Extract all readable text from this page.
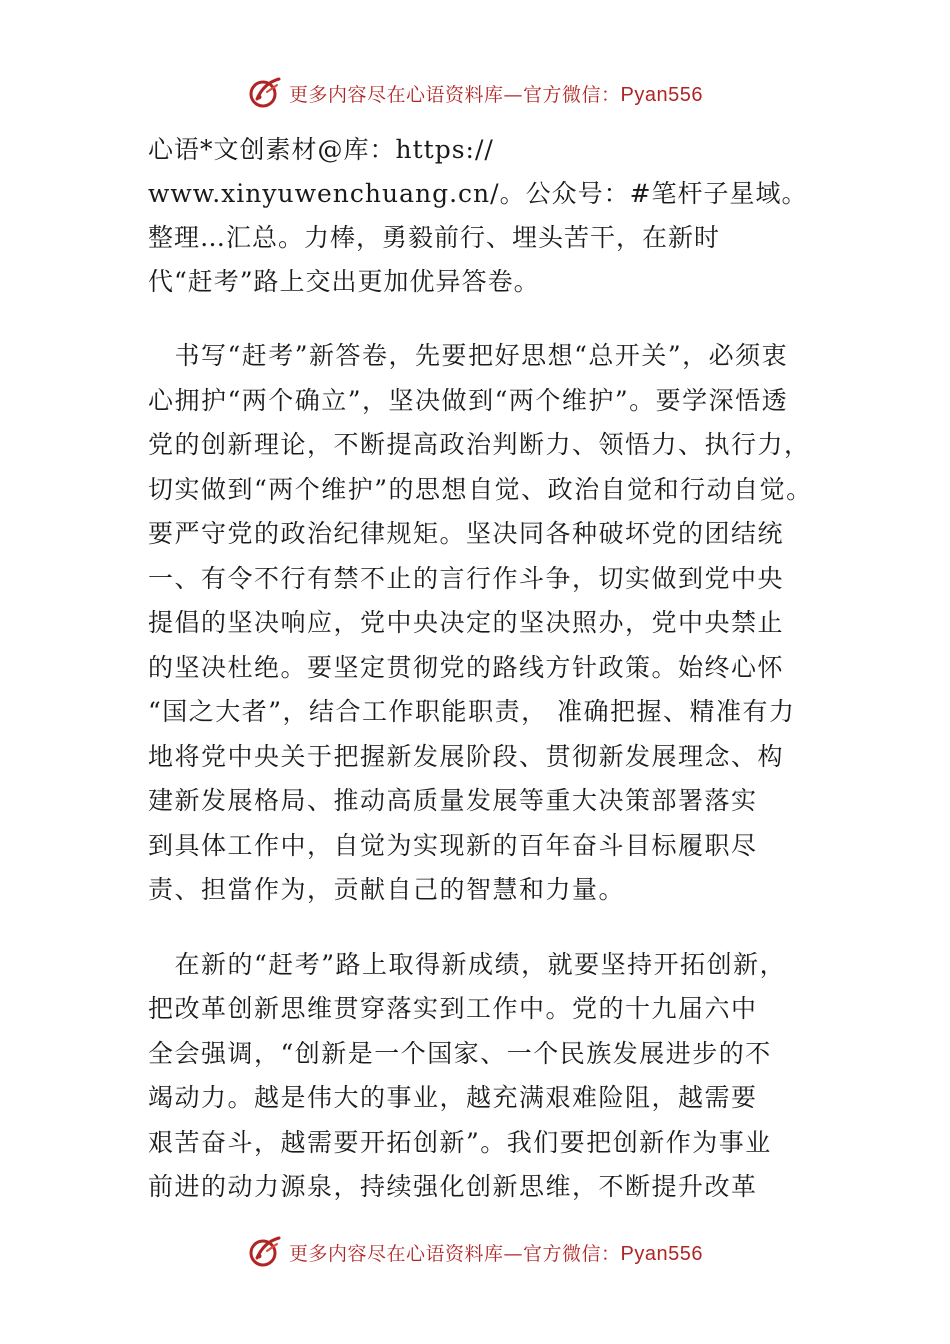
更多内容尽在心语资料库—官方微信：Pyan556

心语*文创素材@库：https://
www.xinyuwenchuang.cn/。公众号：#笔杆子星域。
整理…汇总。力棒，勇毅前行、埋头苦干，在新时
代“赶考”路上交出更加优异答卷。

　书写“赶考”新答卷，先要把好思想“总开关”，必须衷
心拥护“两个确立”，坚决做到“两个维护”。要学深悟透
党的创新理论，不断提高政治判断力、领悟力、执行力，
切实做到“两个维护”的思想自觉、政治自觉和行动自觉。
要严守党的政治纪律规矩。坚决同各种破坏党的团结统
一、有令不行有禁不止的言行作斗争，切实做到党中央
提倡的坚决响应，党中央决定的坚决照办，党中央禁止
的坚决杜绝。要坚定贯彻党的路线方针政策。始终心怀
“国之大者”，结合工作职能职责， 准确把握、精准有力
地将党中央关于把握新发展阶段、贯彻新发展理念、构
建新发展格局、推动高质量发展等重大决策部署落实
到具体工作中，自觉为实现新的百年奋斗目标履职尽
责、担當作为，贡献自己的智慧和力量。

　在新的“赶考”路上取得新成绩，就要坚持开拓创新，
把改革创新思维贯穿落实到工作中。党的十九届六中
全会强调，“创新是一个国家、一个民族发展进步的不
竭动力。越是伟大的事业，越充满艰难险阻，越需要
艰苦奋斗，越需要开拓创新”。我们要把创新作为事业
前进的动力源泉，持续强化创新思维，不断提升改革

更多内容尽在心语资料库—官方微信：Pyan556
